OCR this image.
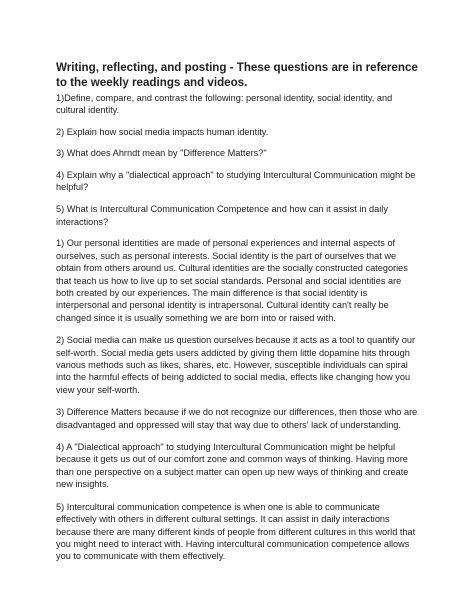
Writing, reflecting, and posting - These questions are in reference to the weekly readings and videos.
1)Define, compare, and contrast the following: personal identity, social identity, and cultural identity.
2) Explain how social media impacts human identity.
3) What does Ahrndt mean by "Difference Matters?"
4) Explain why a "dialectical approach" to studying Intercultural Communication might be helpful?
5) What is Intercultural Communication Competence and how can it assist in daily interactions?
1) Our personal identities are made of personal experiences and internal aspects of ourselves, such as personal interests. Social identity is the part of ourselves that we obtain from others around us. Cultural identities are the socially constructed categories that teach us how to live up to set social standards. Personal and social identities are both created by our experiences. The main difference is that social identity is interpersonal and personal identity is intrapersonal. Cultural identity can't really be changed since it is usually something we are born into or raised with.
2) Social media can make us question ourselves because it acts as a tool to quantify our self-worth. Social media gets users addicted by giving them little dopamine hits through various methods such as likes, shares, etc. However, susceptible individuals can spiral into the harmful effects of being addicted to social media, effects like changing how you view your self-worth.
3) Difference Matters because if we do not recognize our differences, then those who are disadvantaged and oppressed will stay that way due to others' lack of understanding.
4) A "Dialectical approach" to studying Intercultural Communication might be helpful because it gets us out of our comfort zone and common ways of thinking. Having more than one perspective on a subject matter can open up new ways of thinking and create new insights.
5) Intercultural communication competence is when one is able to communicate effectively with others in different cultural settings. It can assist in daily interactions because there are many different kinds of people from different cultures in this world that you might need to interact with. Having intercultural communication competence allows you to communicate with them effectively.
